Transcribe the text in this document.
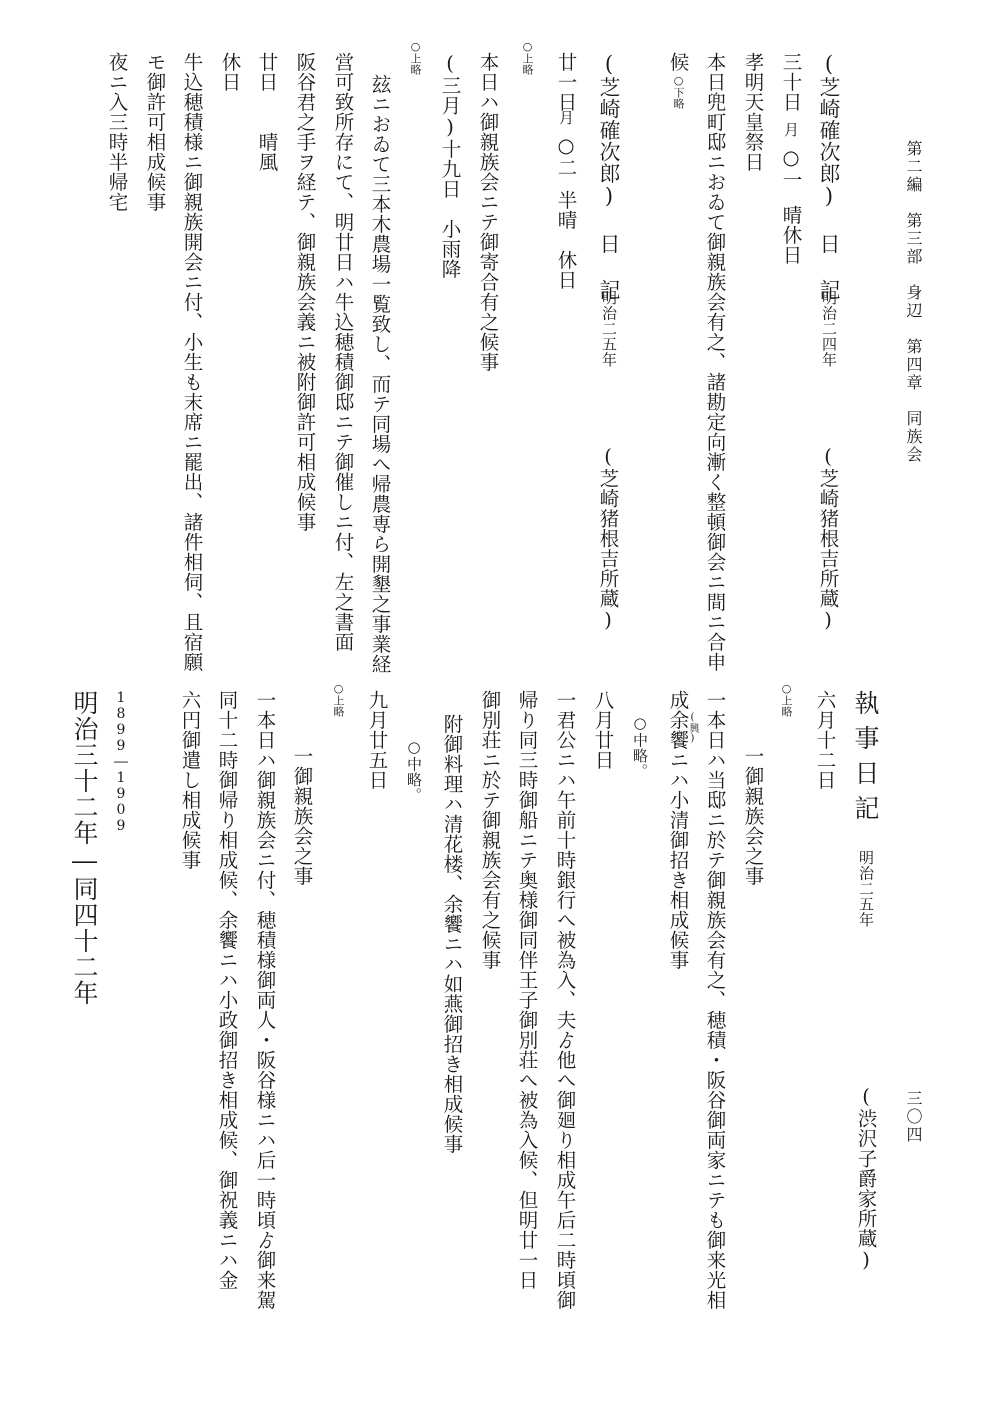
第二編　第三部　身辺　第四章　同族会
三〇四
(芝崎確次郎) 日 記
明治二四年
(芝崎猪根吉所蔵)
三十日
月
○一
晴休日
孝明天皇祭日
本日兜町邸ニおゐて御親族会有之、諸勘定向漸く整頓御会ニ間ニ合申
候
○下略
(芝崎確次郎) 日 記
明治二五年
(芝崎猪根吉所蔵)
廿一日
月
○二
半晴　休日
○上略
本日ハ御親族会ニテ御寄合有之候事
(三月)十九日　小雨降
○上略
玆ニおゐて三本木農場一覧致し、而テ同場へ帰農専ら開墾之事業経
営可致所存にて、明廿日ハ牛込穂積御邸ニテ御催しニ付、左之書面
阪谷君之手ヲ経テ、御親族会義ニ被附御許可相成候事
廿日　　晴風
休日
牛込穂積様ニ御親族開会ニ付、小生も末席ニ罷出、諸件相伺、且宿願
モ御許可相成候事
夜ニ入三時半帰宅
執事日記
明治二五年
(渋沢子爵家所蔵)
六月十二日
○上略
一御親族会之事
一本日ハ当邸ニ於テ御親族会有之、穂積・阪谷御両家ニテも御来光相
(興)
成余饗ニハ小清御招き相成候事
○中略。
八月廿日
一君公ニハ午前十時銀行へ被為入、夫ゟ他へ御廻り相成午后二時頃御
帰り同三時御船ニテ奥様御同伴王子御別荘へ被為入候、但明廿一日
御別荘ニ於テ御親族会有之候事
附御料理ハ清花楼、余饗ニハ如燕御招き相成候事
○中略。
九月廿五日
○上略
一御親族会之事
一本日ハ御親族会ニ付、穂積様御両人・阪谷様ニハ后一時頃ゟ御来駕
同十二時御帰り相成候、余饗ニハ小政御招き相成候、御祝義ニハ金
六円御遣し相成候事
1899―1909
明治三十二年―同四十二年
